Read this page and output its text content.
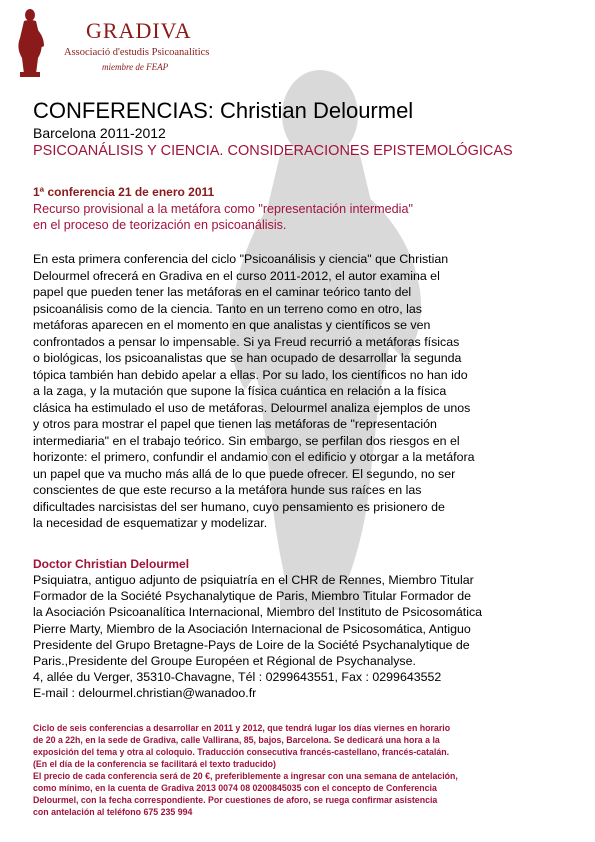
GRADIVA
Associació d'estudis Psicoanalítics
miembre de FEAP
CONFERENCIAS: Christian Delourmel
Barcelona 2011-2012
PSICOANÁLISIS Y CIENCIA. CONSIDERACIONES EPISTEMOLÓGICAS
1ª conferencia 21 de enero 2011
Recurso provisional a la metáfora como "representación intermedia"
en el proceso de teorización en psicoanálisis.
En esta primera conferencia del ciclo "Psicoanálisis y ciencia" que Christian
Delourmel ofrecerá en Gradiva en el curso 2011-2012, el autor examina el
papel que pueden tener las metáforas en el caminar teórico tanto del
psicoanálisis como de la ciencia. Tanto en un terreno como en otro, las
metáforas aparecen en el momento en que analistas y científicos se ven
confrontados a pensar lo impensable. Si ya Freud recurrió a metáforas físicas
o biológicas, los psicoanalistas que se han ocupado de desarrollar la segunda
tópica también han debido apelar a ellas. Por su lado, los científicos no han ido
a la zaga, y la mutación que supone la física cuántica en relación a la física
clásica ha estimulado el uso de metáforas. Delourmel analiza ejemplos de unos
y otros para mostrar el papel que tienen las metáforas de "representación
intermediaria" en el trabajo teórico. Sin embargo, se perfilan dos riesgos en el
horizonte: el primero, confundir el andamio con el edificio y otorgar a la metáfora
un papel que va mucho más allá de lo que puede ofrecer. El segundo, no ser
conscientes de que este recurso a la metáfora hunde sus raíces en las
dificultades narcisistas del ser humano, cuyo pensamiento es prisionero de
la necesidad de esquematizar y modelizar.
Doctor Christian Delourmel
Psiquiatra, antiguo adjunto de psiquiatría en el CHR de Rennes, Miembro Titular
Formador de la Société Psychanalytique de Paris, Miembro Titular Formador de
la Asociación Psicoanalítica Internacional, Miembro del Instituto de Psicosomática
Pierre Marty, Miembro de la Asociación Internacional de Psicosomática, Antiguo
Presidente del Grupo Bretagne-Pays de Loire de la Société Psychanalytique de
Paris.,Presidente del Groupe Européen et Régional de Psychanalyse.
4, allée du Verger, 35310-Chavagne, Tél : 0299643551, Fax : 0299643552
E-mail : delourmel.christian@wanadoo.fr
Ciclo de seis conferencias a desarrollar en 2011 y 2012, que tendrá lugar los días viernes en horario
de 20 a 22h, en la sede de Gradiva, calle Vallirana, 85, bajos, Barcelona. Se dedicará una hora a la
exposición del tema y otra al coloquio. Traducción consecutiva francés-castellano, francés-catalán.
(En el día de la conferencia se facilitará el texto traducido)
El precio de cada conferencia será de 20 €, preferiblemente a ingresar con una semana de antelación,
como mínimo, en la cuenta de Gradiva 2013 0074 08 0200845035 con el concepto de Conferencia
Delourmel, con la fecha correspondiente. Por cuestiones de aforo, se ruega confirmar asistencia
con antelación al teléfono 675 235 994
